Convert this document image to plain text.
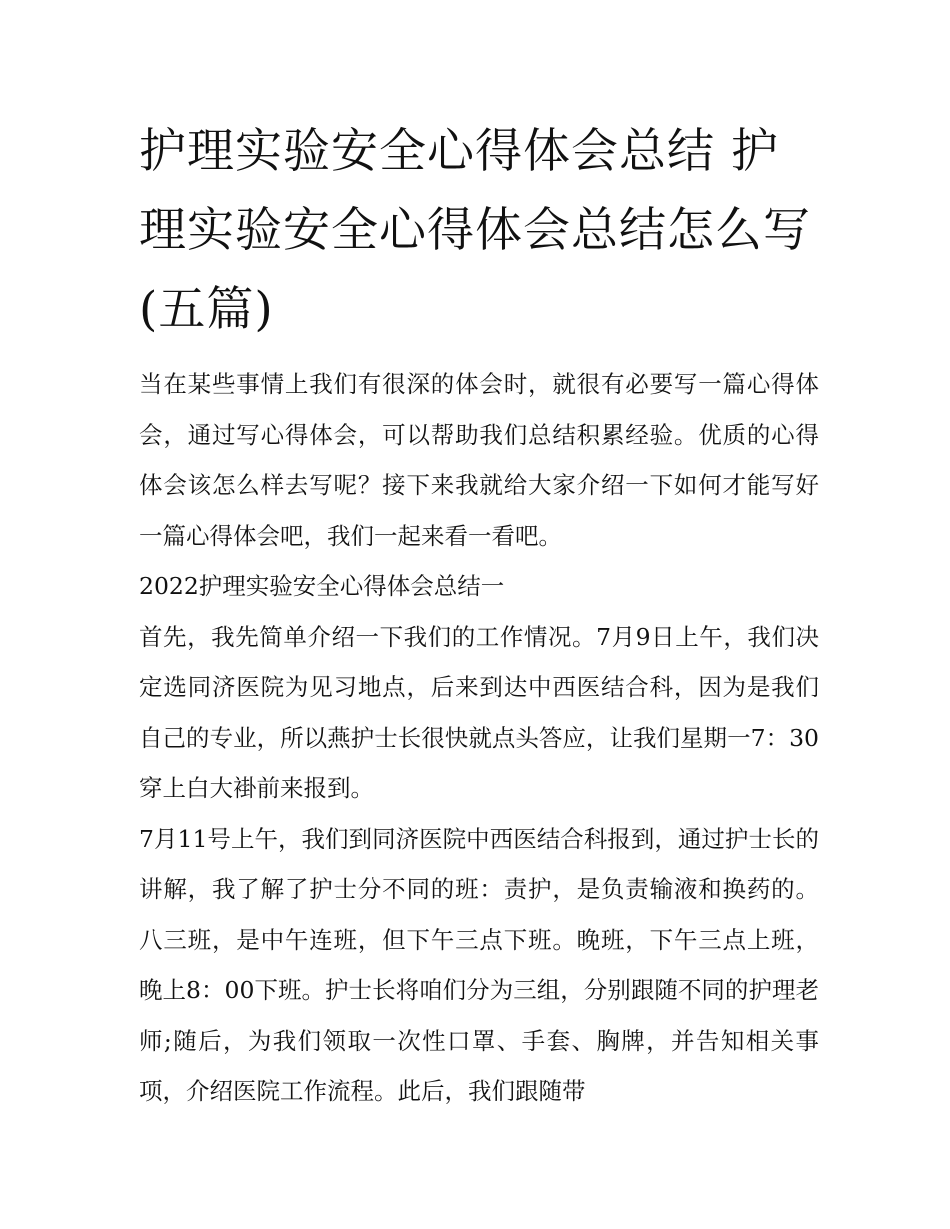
护理实验安全心得体会总结 护理实验安全心得体会总结怎么写(五篇)

当在某些事情上我们有很深的体会时，就很有必要写一篇心得体会，通过写心得体会，可以帮助我们总结积累经验。优质的心得体会该怎么样去写呢？接下来我就给大家介绍一下如何才能写好一篇心得体会吧，我们一起来看一看吧。

2022护理实验安全心得体会总结一

首先，我先简单介绍一下我们的工作情况。7月9日上午，我们决定选同济医院为见习地点，后来到达中西医结合科，因为是我们自己的专业，所以燕护士长很快就点头答应，让我们星期一7：30穿上白大褂前来报到。

7月11号上午，我们到同济医院中西医结合科报到，通过护士长的讲解，我了解了护士分不同的班：责护，是负责输液和换药的。八三班，是中午连班，但下午三点下班。晚班，下午三点上班，晚上8：00下班。护士长将咱们分为三组，分别跟随不同的护理老师;随后，为我们领取一次性口罩、手套、胸牌，并告知相关事项，介绍医院工作流程。此后，我们跟随带
